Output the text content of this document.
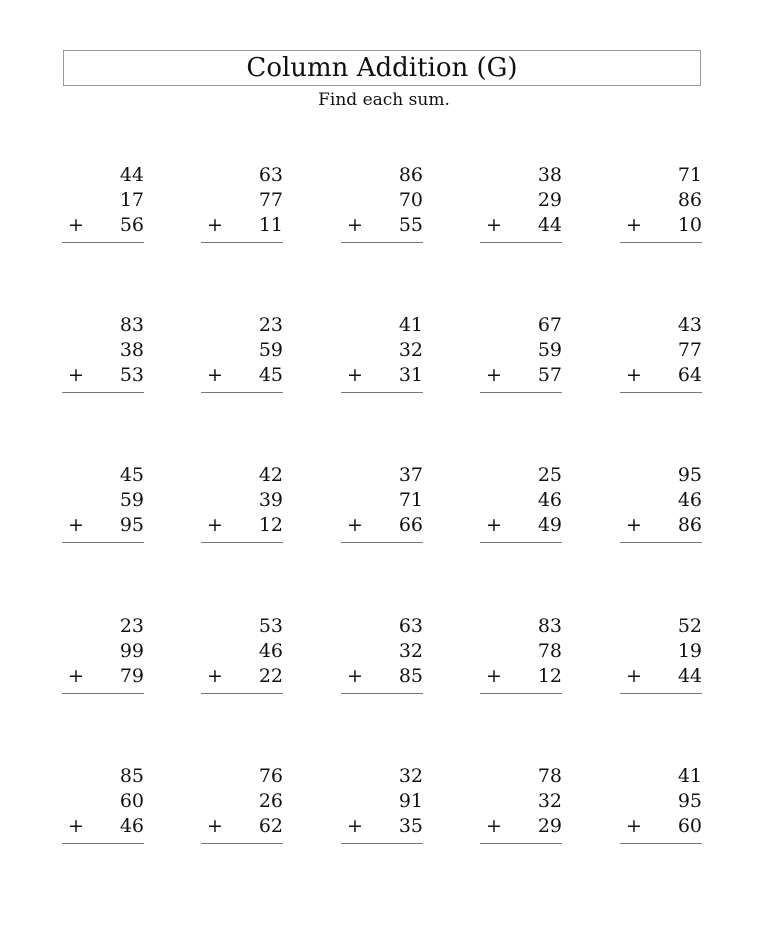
Column Addition (G)
Find each sum.
44
17
56
+
63
77
11
+
86
70
55
+
38
29
44
+
71
86
10
+
83
38
53
+
23
59
45
+
41
32
31
+
67
59
57
+
43
77
64
+
45
59
95
+
42
39
12
+
37
71
66
+
25
46
49
+
95
46
86
+
23
99
79
+
53
46
22
+
63
32
85
+
83
78
12
+
52
19
44
+
85
60
46
+
76
26
62
+
32
91
35
+
78
32
29
+
41
95
60
+
